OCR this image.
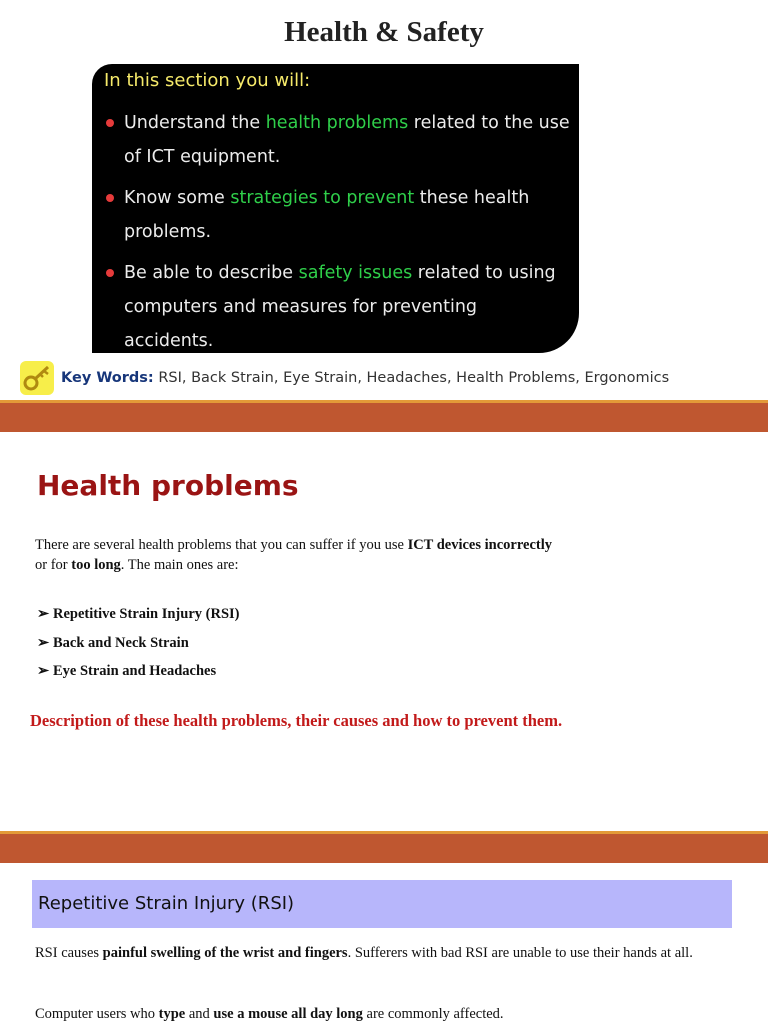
Health & Safety
In this section you will:
Understand the health problems related to the use of ICT equipment.
Know some strategies to prevent these health problems.
Be able to describe safety issues related to using computers and measures for preventing accidents.
Key Words: RSI, Back Strain, Eye Strain, Headaches, Health Problems, Ergonomics
Health problems
There are several health problems that you can suffer if you use ICT devices incorrectly or for too long. The main ones are:
➢ Repetitive Strain Injury (RSI)
➢ Back and Neck Strain
➢ Eye Strain and Headaches
Description of these health problems, their causes and how to prevent them.
Repetitive Strain Injury (RSI)
RSI causes painful swelling of the wrist and fingers. Sufferers with bad RSI are unable to use their hands at all.
Computer users who type and use a mouse all day long are commonly affected.
